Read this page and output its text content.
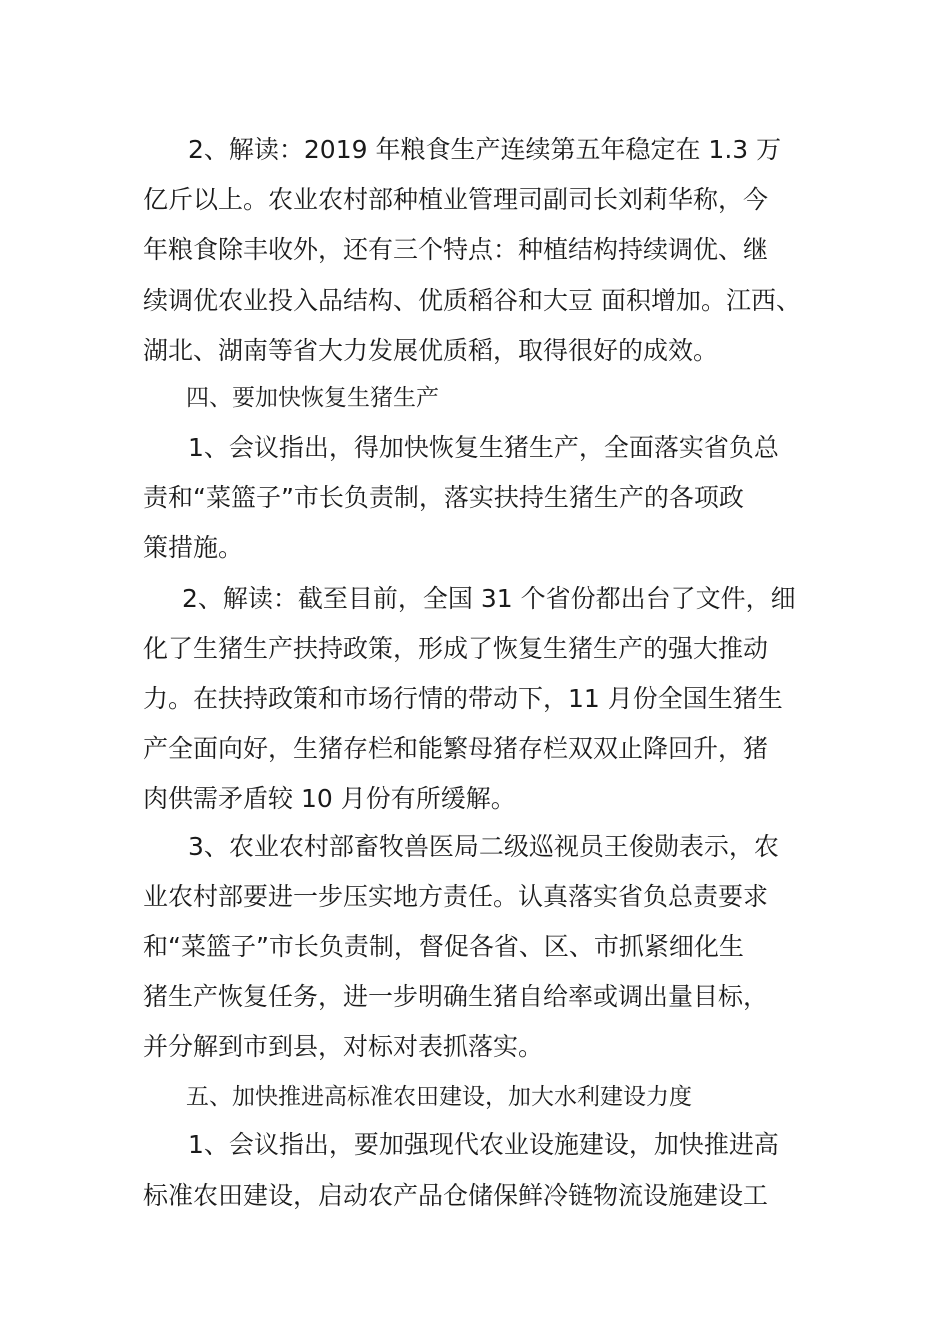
2、解读：2019 年粮食生产连续第五年稳定在 1.3 万
亿斤以上。农业农村部种植业管理司副司长刘莉华称，今
年粮食除丰收外，还有三个特点：种植结构持续调优、继
续调优农业投入品结构、优质稻谷和大豆 面积增加。江西、
湖北、湖南等省大力发展优质稻，取得很好的成效。
四、要加快恢复生猪生产
1、会议指出，得加快恢复生猪生产，全面落实省负总
责和“菜篮子”市长负责制，落实扶持生猪生产的各项政
策措施。
2、解读：截至目前，全国 31 个省份都出台了文件，细
化了生猪生产扶持政策，形成了恢复生猪生产的强大推动
力。在扶持政策和市场行情的带动下，11 月份全国生猪生
产全面向好，生猪存栏和能繁母猪存栏双双止降回升，猪
肉供需矛盾较 10 月份有所缓解。
3、农业农村部畜牧兽医局二级巡视员王俊勋表示，农
业农村部要进一步压实地方责任。认真落实省负总责要求
和“菜篮子”市长负责制，督促各省、区、市抓紧细化生
猪生产恢复任务，进一步明确生猪自给率或调出量目标，
并分解到市到县，对标对表抓落实。
五、加快推进高标准农田建设，加大水利建设力度
1、会议指出，要加强现代农业设施建设，加快推进高
标准农田建设，启动农产品仓储保鲜冷链物流设施建设工
